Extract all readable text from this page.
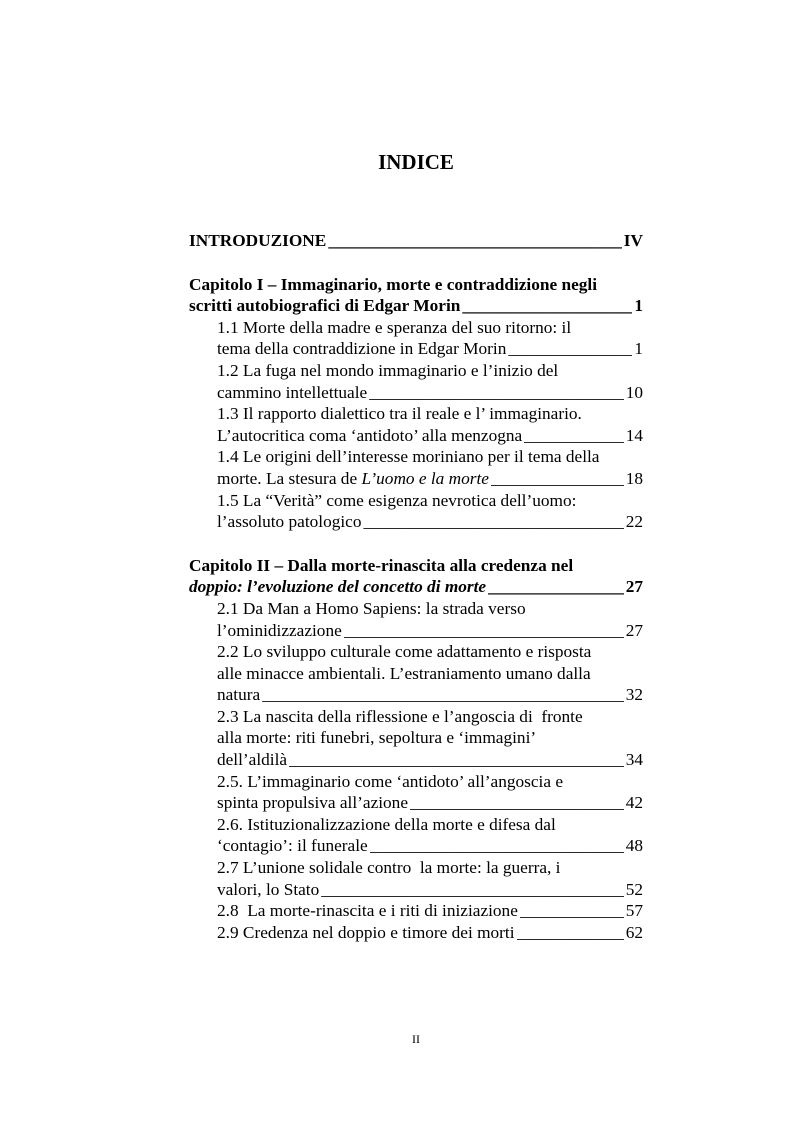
INDICE
INTRODUZIONE _____	IV
Capitolo I – Immaginario, morte e contraddizione negli
scritti autobiografici di Edgar Morin _____	1
1.1 Morte della madre e speranza del suo ritorno: il
tema della contraddizione in Edgar Morin _____	1
1.2 La fuga nel mondo immaginario e l’inizio del
cammino intellettuale _____	10
1.3 Il rapporto dialettico tra il reale e l’ immaginario.
L’autocritica coma ‘antidoto’ alla menzogna _____	14
1.4 Le origini dell’interesse moriniano per il tema della
morte. La stesura de L’uomo e la morte _____	18
1.5 La “Verità” come esigenza nevrotica dell’uomo:
l’assoluto patologico _____	22
Capitolo II – Dalla morte-rinascita alla credenza nel
doppio: l’evoluzione del concetto di morte _____	27
2.1 Da Man a Homo Sapiens: la strada verso
l’ominidizzazione _____	27
2.2 Lo sviluppo culturale come adattamento e risposta
alle minacce ambientali. L’estraniamento umano dalla
natura _____	32
2.3 La nascita della riflessione e l’angoscia di  fronte
alla morte: riti funebri, sepoltura e ‘immagini’
dell’aldilà _____	34
2.5. L’immaginario come ‘antidoto’ all’angoscia e
spinta propulsiva all’azione _____	42
2.6. Istituzionalizzazione della morte e difesa dal
‘contagio’: il funerale _____	48
2.7 L’unione solidale contro  la morte: la guerra, i
valori, lo Stato _____	52
2.8  La morte-rinascita e i riti di iniziazione _____	57
2.9 Credenza nel doppio e timore dei morti _____	62
II
